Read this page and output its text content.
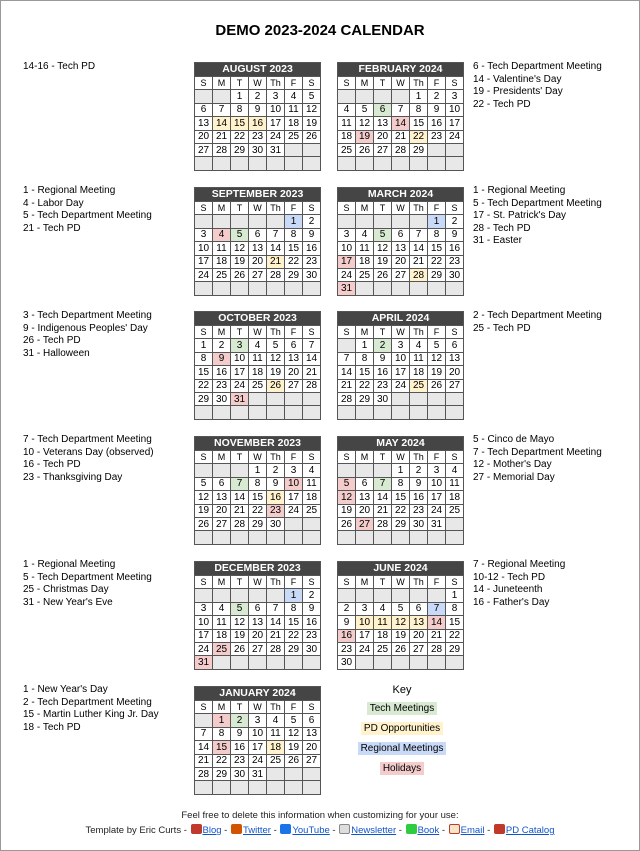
DEMO 2023-2024 CALENDAR
AUGUST 2023						
S	M	T	W	Th	F	S
		1	2	3	4	5
6	7	8	9	10	11	12
13	14	15	16	17	18	19
20	21	22	23	24	25	26
27	28	29	30	31		

FEBRUARY 2024						
S	M	T	W	Th	F	S
				1	2	3
4	5	6	7	8	9	10
11	12	13	14	15	16	17
18	19	20	21	22	23	24
25	26	27	28	29		

SEPTEMBER 2023						
S	M	T	W	Th	F	S
					1	2
3	4	5	6	7	8	9
10	11	12	13	14	15	16
17	18	19	20	21	22	23
24	25	26	27	28	29	30

MARCH 2024						
S	M	T	W	Th	F	S
					1	2
3	4	5	6	7	8	9
10	11	12	13	14	15	16
17	18	19	20	21	22	23
24	25	26	27	28	29	30
31						
OCTOBER 2023						
S	M	T	W	Th	F	S
1	2	3	4	5	6	7
8	9	10	11	12	13	14
15	16	17	18	19	20	21
22	23	24	25	26	27	28
29	30	31				

APRIL 2024						
S	M	T	W	Th	F	S
	1	2	3	4	5	6
7	8	9	10	11	12	13
14	15	16	17	18	19	20
21	22	23	24	25	26	27
28	29	30				

NOVEMBER 2023						
S	M	T	W	Th	F	S
			1	2	3	4
5	6	7	8	9	10	11
12	13	14	15	16	17	18
19	20	21	22	23	24	25
26	27	28	29	30		

MAY 2024						
S	M	T	W	Th	F	S
			1	2	3	4
5	6	7	8	9	10	11
12	13	14	15	16	17	18
19	20	21	22	23	24	25
26	27	28	29	30	31	

DECEMBER 2023						
S	M	T	W	Th	F	S
					1	2
3	4	5	6	7	8	9
10	11	12	13	14	15	16
17	18	19	20	21	22	23
24	25	26	27	28	29	30
31						
JUNE 2024						
S	M	T	W	Th	F	S
						1
2	3	4	5	6	7	8
9	10	11	12	13	14	15
16	17	18	19	20	21	22
23	24	25	26	27	28	29
30						
JANUARY 2024						
S	M	T	W	Th	F	S
	1	2	3	4	5	6
7	8	9	10	11	12	13
14	15	16	17	18	19	20
21	22	23	24	25	26	27
28	29	30	31			

14-16 - Tech PD	6 - Tech Department Meeting
14 - Valentine's Day
19 - Presidents' Day
22 - Tech PD
1 - Regional Meeting
4 - Labor Day
5 - Tech Department Meeting
21 - Tech PD
1 - Regional Meeting
5 - Tech Department Meeting
17 - St. Patrick's Day
28 - Tech PD
31 - Easter
3 - Tech Department Meeting
9 - Indigenous Peoples' Day
26 - Tech PD
31 - Halloween
2 - Tech Department Meeting
25 - Tech PD
7 - Tech Department Meeting
10 - Veterans Day (observed)
16 - Tech PD
23 - Thanksgiving Day
5 - Cinco de Mayo
7 - Tech Department Meeting
12 - Mother's Day
27 - Memorial Day
1 - Regional Meeting
5 - Tech Department Meeting
25 - Christmas Day
31 - New Year's Eve
7 - Regional Meeting
10-12 - Tech PD
14 - Juneteenth
16 - Father's Day
1 - New Year's Day
2 - Tech Department Meeting
15 - Martin Luther King Jr. Day
18 - Tech PD
Key
Tech Meetings
PD Opportunities
Regional Meetings
Holidays
Feel free to delete this information when customizing for your use:
Template by Eric Curts - Blog - Twitter - YouTube - Newsletter - Book - Email - PD Catalog
